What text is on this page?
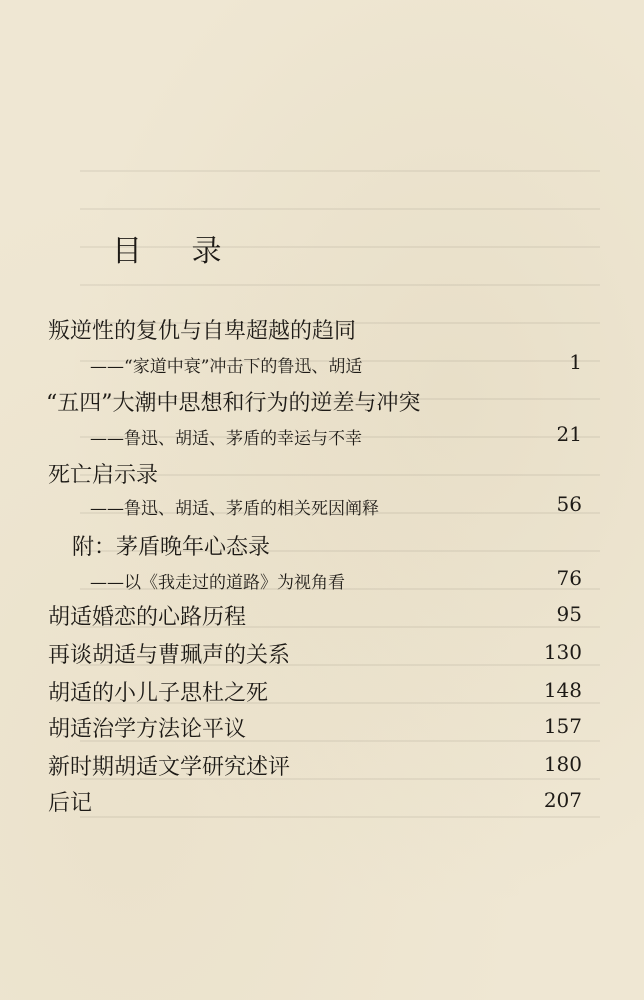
目 录
叛逆性的复仇与自卑超越的趋同
——“家道中衰”冲击下的鲁迅、胡适	1
“五四”大潮中思想和行为的逆差与冲突
——鲁迅、胡适、茅盾的幸运与不幸	21
死亡启示录
——鲁迅、胡适、茅盾的相关死因阐释	56
附：茅盾晚年心态录
——以《我走过的道路》为视角看	76
胡适婚恋的心路历程	95
再谈胡适与曹珮声的关系	130
胡适的小儿子思杜之死	148
胡适治学方法论平议	157
新时期胡适文学研究述评	180
后记	207
